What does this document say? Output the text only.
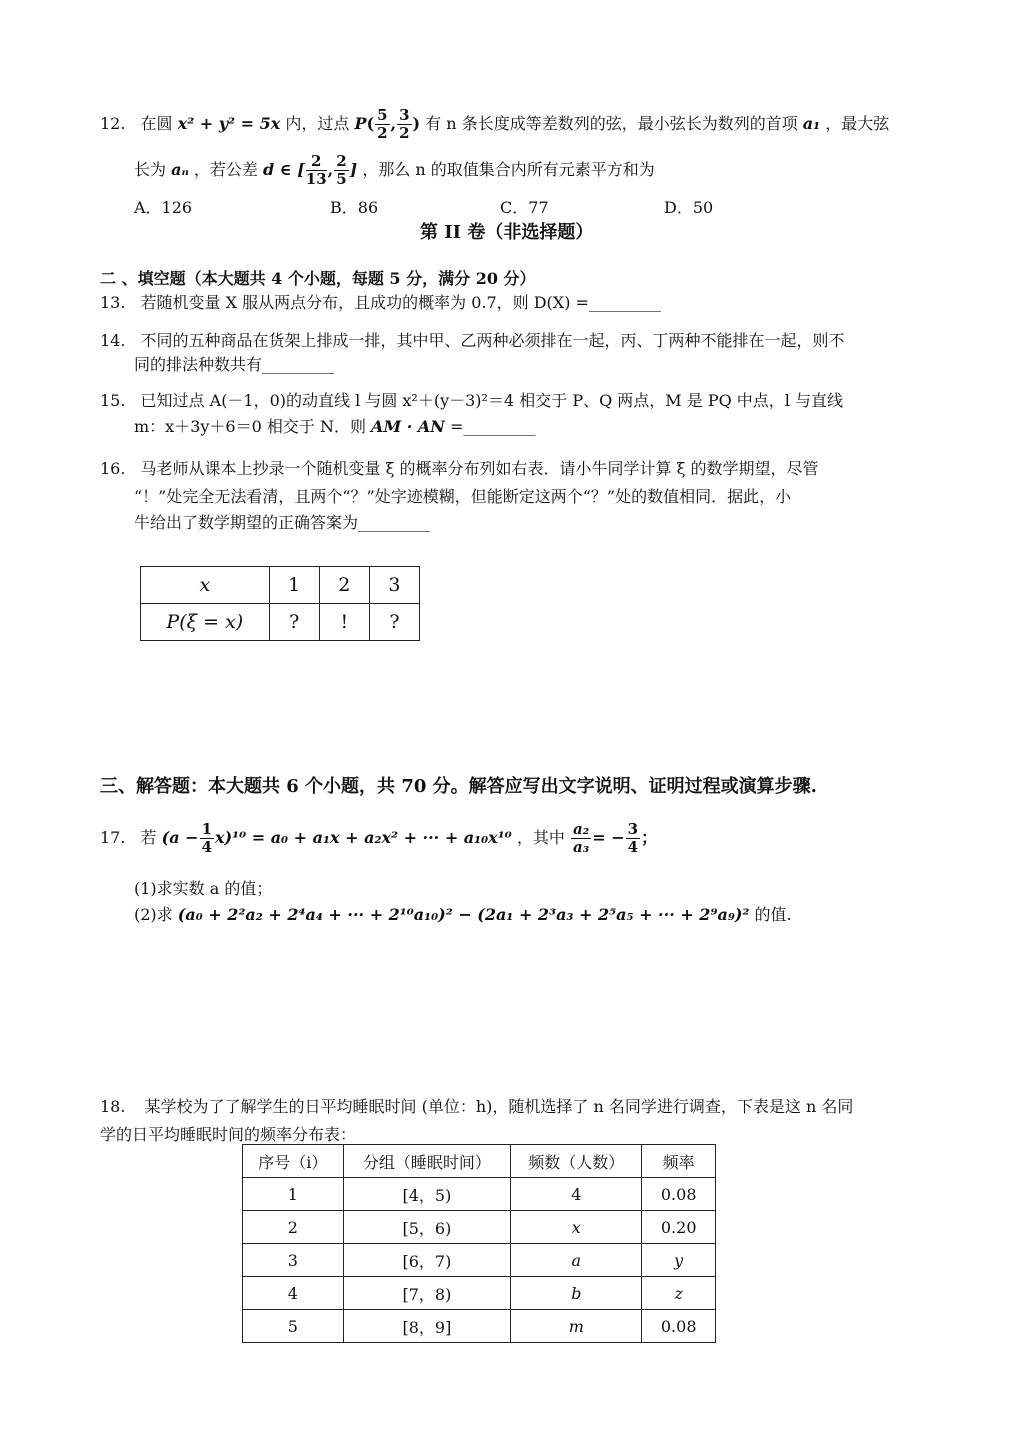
12. 在圆 x² + y² = 5x 内，过点 $P( \frac{5}{2}$ , $\frac{3}{2}$ ) 有 n 条长度成等差数列的弦，最小弦长为数列的首项 a₁ ，最大弦
长为 aₙ ，若公差 d ∈ [ $\frac{2}{13}$ , $\frac{2}{5}$ ] ，那么 n 的取值集合内所有元素平方和为
A．126	B．86	C．77	D．50
第 II 卷（非选择题）
二 、填空题（本大题共 4 个小题，每题 5 分，满分 20 分）
13. 若随机变量 X 服从两点分布，且成功的概率为 0.7，则 D(X) =_________
14. 不同的五种商品在货架上排成一排，其中甲、乙两种必须排在一起，丙、丁两种不能排在一起，则不
同的排法种数共有_________
15. 已知过点 A(－1，0)的动直线 l 与圆 x²＋(y－3)²＝4 相交于 P、Q 两点，M 是 PQ 中点，l 与直线
m：x＋3y＋6＝0 相交于 N．则 AM · AN =_________
16. 马老师从课本上抄录一个随机变量 ξ 的概率分布列如右表．请小牛同学计算 ξ 的数学期望，尽管
“！”处完全无法看清，且两个“？”处字迹模糊，但能断定这两个“？”处的数值相同．据此，小
牛给出了数学期望的正确答案为_________
x	1	2	3
P(ξ = x)	?	!	?
三、解答题：本大题共 6 个小题，共 70 分。解答应写出文字说明、证明过程或演算步骤.
17. 若 $(a - \frac{1}{4} x)^{10} = a_0 + a_1x + a_2x^2$ + ··· + a₁₀x¹⁰ ，其中 $\frac{\text{a₂}}{\text{a₃}}$ = − $\frac{3}{4}$ ；
(1)求实数 a 的值；
(2)求 (a₀ + 2²a₂ + 2⁴a₄ + ··· + 2¹⁰a₁₀)² − (2a₁ + 2³a₃ + 2⁵a₅ + ··· + 2⁹a₉)² 的值.
18. 某学校为了了解学生的日平均睡眠时间 (单位：h)，随机选择了 n 名同学进行调查，下表是这 n 名同
学的日平均睡眠时间的频率分布表：
序号（i）	分组（睡眠时间）	频数（人数）	频率
1	[4，5)	4	0.08
2	[5，6)	x	0.20
3	[6，7)	a	y
4	[7，8)	b	z
5	[8，9]	m	0.08
